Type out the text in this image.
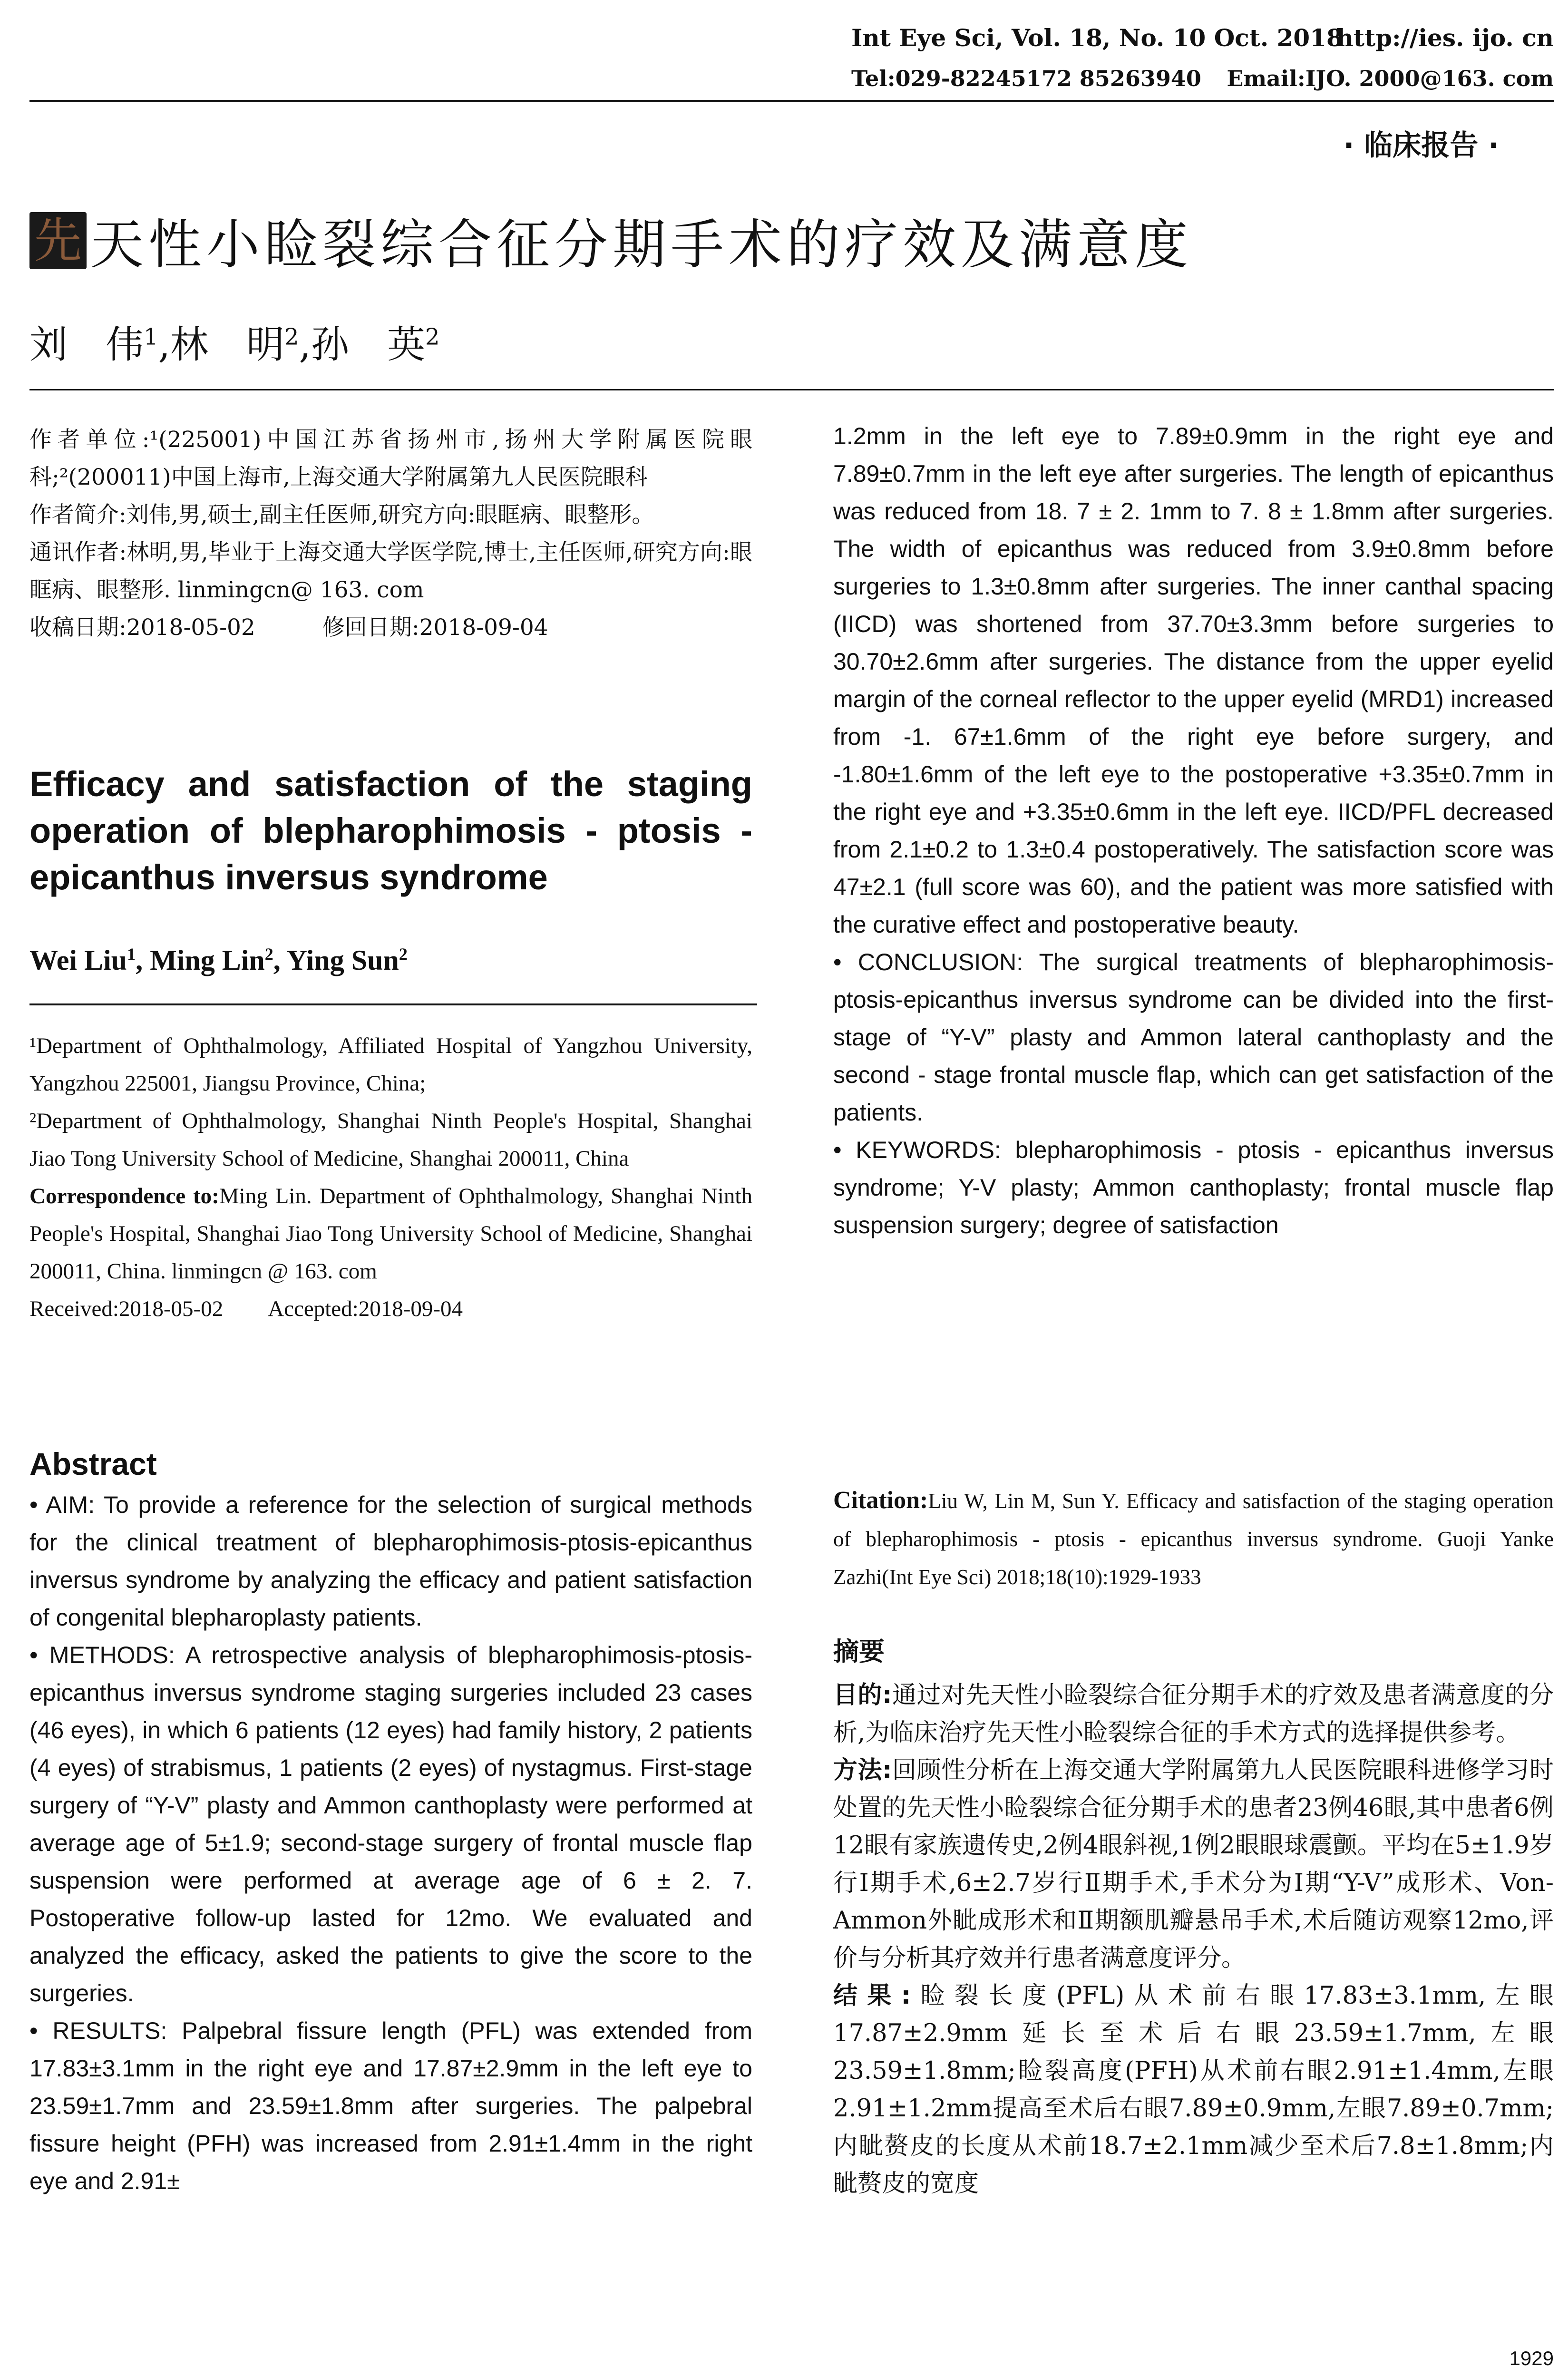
Int Eye Sci, Vol. 18, No. 10 Oct. 2018
http://ies. ijo. cn
Tel:029-82245172 85263940 Email:IJO. 2000@163. com
· 临床报告 ·
先 天性小睑裂综合征分期手术的疗效及满意度
刘　伟$^1$,林　明$^2$,孙　英$^2$

作者单位:¹(225001)中国江苏省扬州市,扬州大学附属医院眼科;²(200011)中国上海市,上海交通大学附属第九人民医院眼科

作者简介:刘伟,男,硕士,副主任医师,研究方向:眼眶病、眼整形。

通讯作者:林明,男,毕业于上海交通大学医学院,博士,主任医师,研究方向:眼眶病、眼整形. linmingcn@ 163. com

收稿日期:2018-05-02　　　修回日期:2018-09-04

Efficacy and satisfaction of the staging operation of blepharophimosis - ptosis - epicanthus inversus syndrome
Wei Liu$^1$, Ming Lin$^2$, Ying Sun$^2$

¹Department of Ophthalmology, Affiliated Hospital of Yangzhou University, Yangzhou 225001, Jiangsu Province, China;

²Department of Ophthalmology, Shanghai Ninth People's Hospital, Shanghai Jiao Tong University School of Medicine, Shanghai 200011, China

Correspondence to:Ming Lin. Department of Ophthalmology, Shanghai Ninth People's Hospital, Shanghai Jiao Tong University School of Medicine, Shanghai 200011, China. linmingcn @ 163. com

Received:2018-05-02　　Accepted:2018-09-04

Abstract

• AIM: To provide a reference for the selection of surgical methods for the clinical treatment of blepharophimosis-ptosis-epicanthus inversus syndrome by analyzing the efficacy and patient satisfaction of congenital blepharoplasty patients.

• METHODS: A retrospective analysis of blepharophimosis-ptosis-epicanthus inversus syndrome staging surgeries included 23 cases (46 eyes), in which 6 patients (12 eyes) had family history, 2 patients (4 eyes) of strabismus, 1 patients (2 eyes) of nystagmus. First-stage surgery of “Y-V” plasty and Ammon canthoplasty were performed at average age of 5±1.9; second-stage surgery of frontal muscle flap suspension were performed at average age of 6 ± 2. 7. Postoperative follow-up lasted for 12mo. We evaluated and analyzed the efficacy, asked the patients to give the score to the surgeries.

• RESULTS: Palpebral fissure length (PFL) was extended from 17.83±3.1mm in the right eye and 17.87±2.9mm in the left eye to 23.59±1.7mm and 23.59±1.8mm after surgeries. The palpebral fissure height (PFH) was increased from 2.91±1.4mm in the right eye and 2.91±

1.2mm in the left eye to 7.89±0.9mm in the right eye and 7.89±0.7mm in the left eye after surgeries. The length of epicanthus was reduced from 18. 7 ± 2. 1mm to 7. 8 ± 1.8mm after surgeries. The width of epicanthus was reduced from 3.9±0.8mm before surgeries to 1.3±0.8mm after surgeries. The inner canthal spacing (IICD) was shortened from 37.70±3.3mm before surgeries to 30.70±2.6mm after surgeries. The distance from the upper eyelid margin of the corneal reflector to the upper eyelid (MRD1) increased from -1. 67±1.6mm of the right eye before surgery, and -1.80±1.6mm of the left eye to the postoperative +3.35±0.7mm in the right eye and +3.35±0.6mm in the left eye. IICD/PFL decreased from 2.1±0.2 to 1.3±0.4 postoperatively. The satisfaction score was 47±2.1 (full score was 60), and the patient was more satisfied with the curative effect and postoperative beauty.

• CONCLUSION: The surgical treatments of blepharophimosis-ptosis-epicanthus inversus syndrome can be divided into the first-stage of “Y-V” plasty and Ammon lateral canthoplasty and the second - stage frontal muscle flap, which can get satisfaction of the patients.

• KEYWORDS: blepharophimosis - ptosis - epicanthus inversus syndrome; Y-V plasty; Ammon canthoplasty; frontal muscle flap suspension surgery; degree of satisfaction

Citation:Liu W, Lin M, Sun Y. Efficacy and satisfaction of the staging operation of blepharophimosis - ptosis - epicanthus inversus syndrome. Guoji Yanke Zazhi(Int Eye Sci) 2018;18(10):1929-1933
摘要

目的:通过对先天性小睑裂综合征分期手术的疗效及患者满意度的分析,为临床治疗先天性小睑裂综合征的手术方式的选择提供参考。

方法:回顾性分析在上海交通大学附属第九人民医院眼科进修学习时处置的先天性小睑裂综合征分期手术的患者23例46眼,其中患者6例12眼有家族遗传史,2例4眼斜视,1例2眼眼球震颤。平均在5±1.9岁行Ⅰ期手术,6±2.7岁行Ⅱ期手术,手术分为Ⅰ期“Y-V”成形术、Von-Ammon外眦成形术和Ⅱ期额肌瓣悬吊手术,术后随访观察12mo,评价与分析其疗效并行患者满意度评分。

结果:睑裂长度(PFL)从术前右眼17.83±3.1mm,左眼17.87±2.9mm延长至术后右眼23.59±1.7mm,左眼23.59±1.8mm;睑裂高度(PFH)从术前右眼2.91±1.4mm,左眼2.91±1.2mm提高至术后右眼7.89±0.9mm,左眼7.89±0.7mm;内眦赘皮的长度从术前18.7±2.1mm减少至术后7.8±1.8mm;内眦赘皮的宽度

1929
